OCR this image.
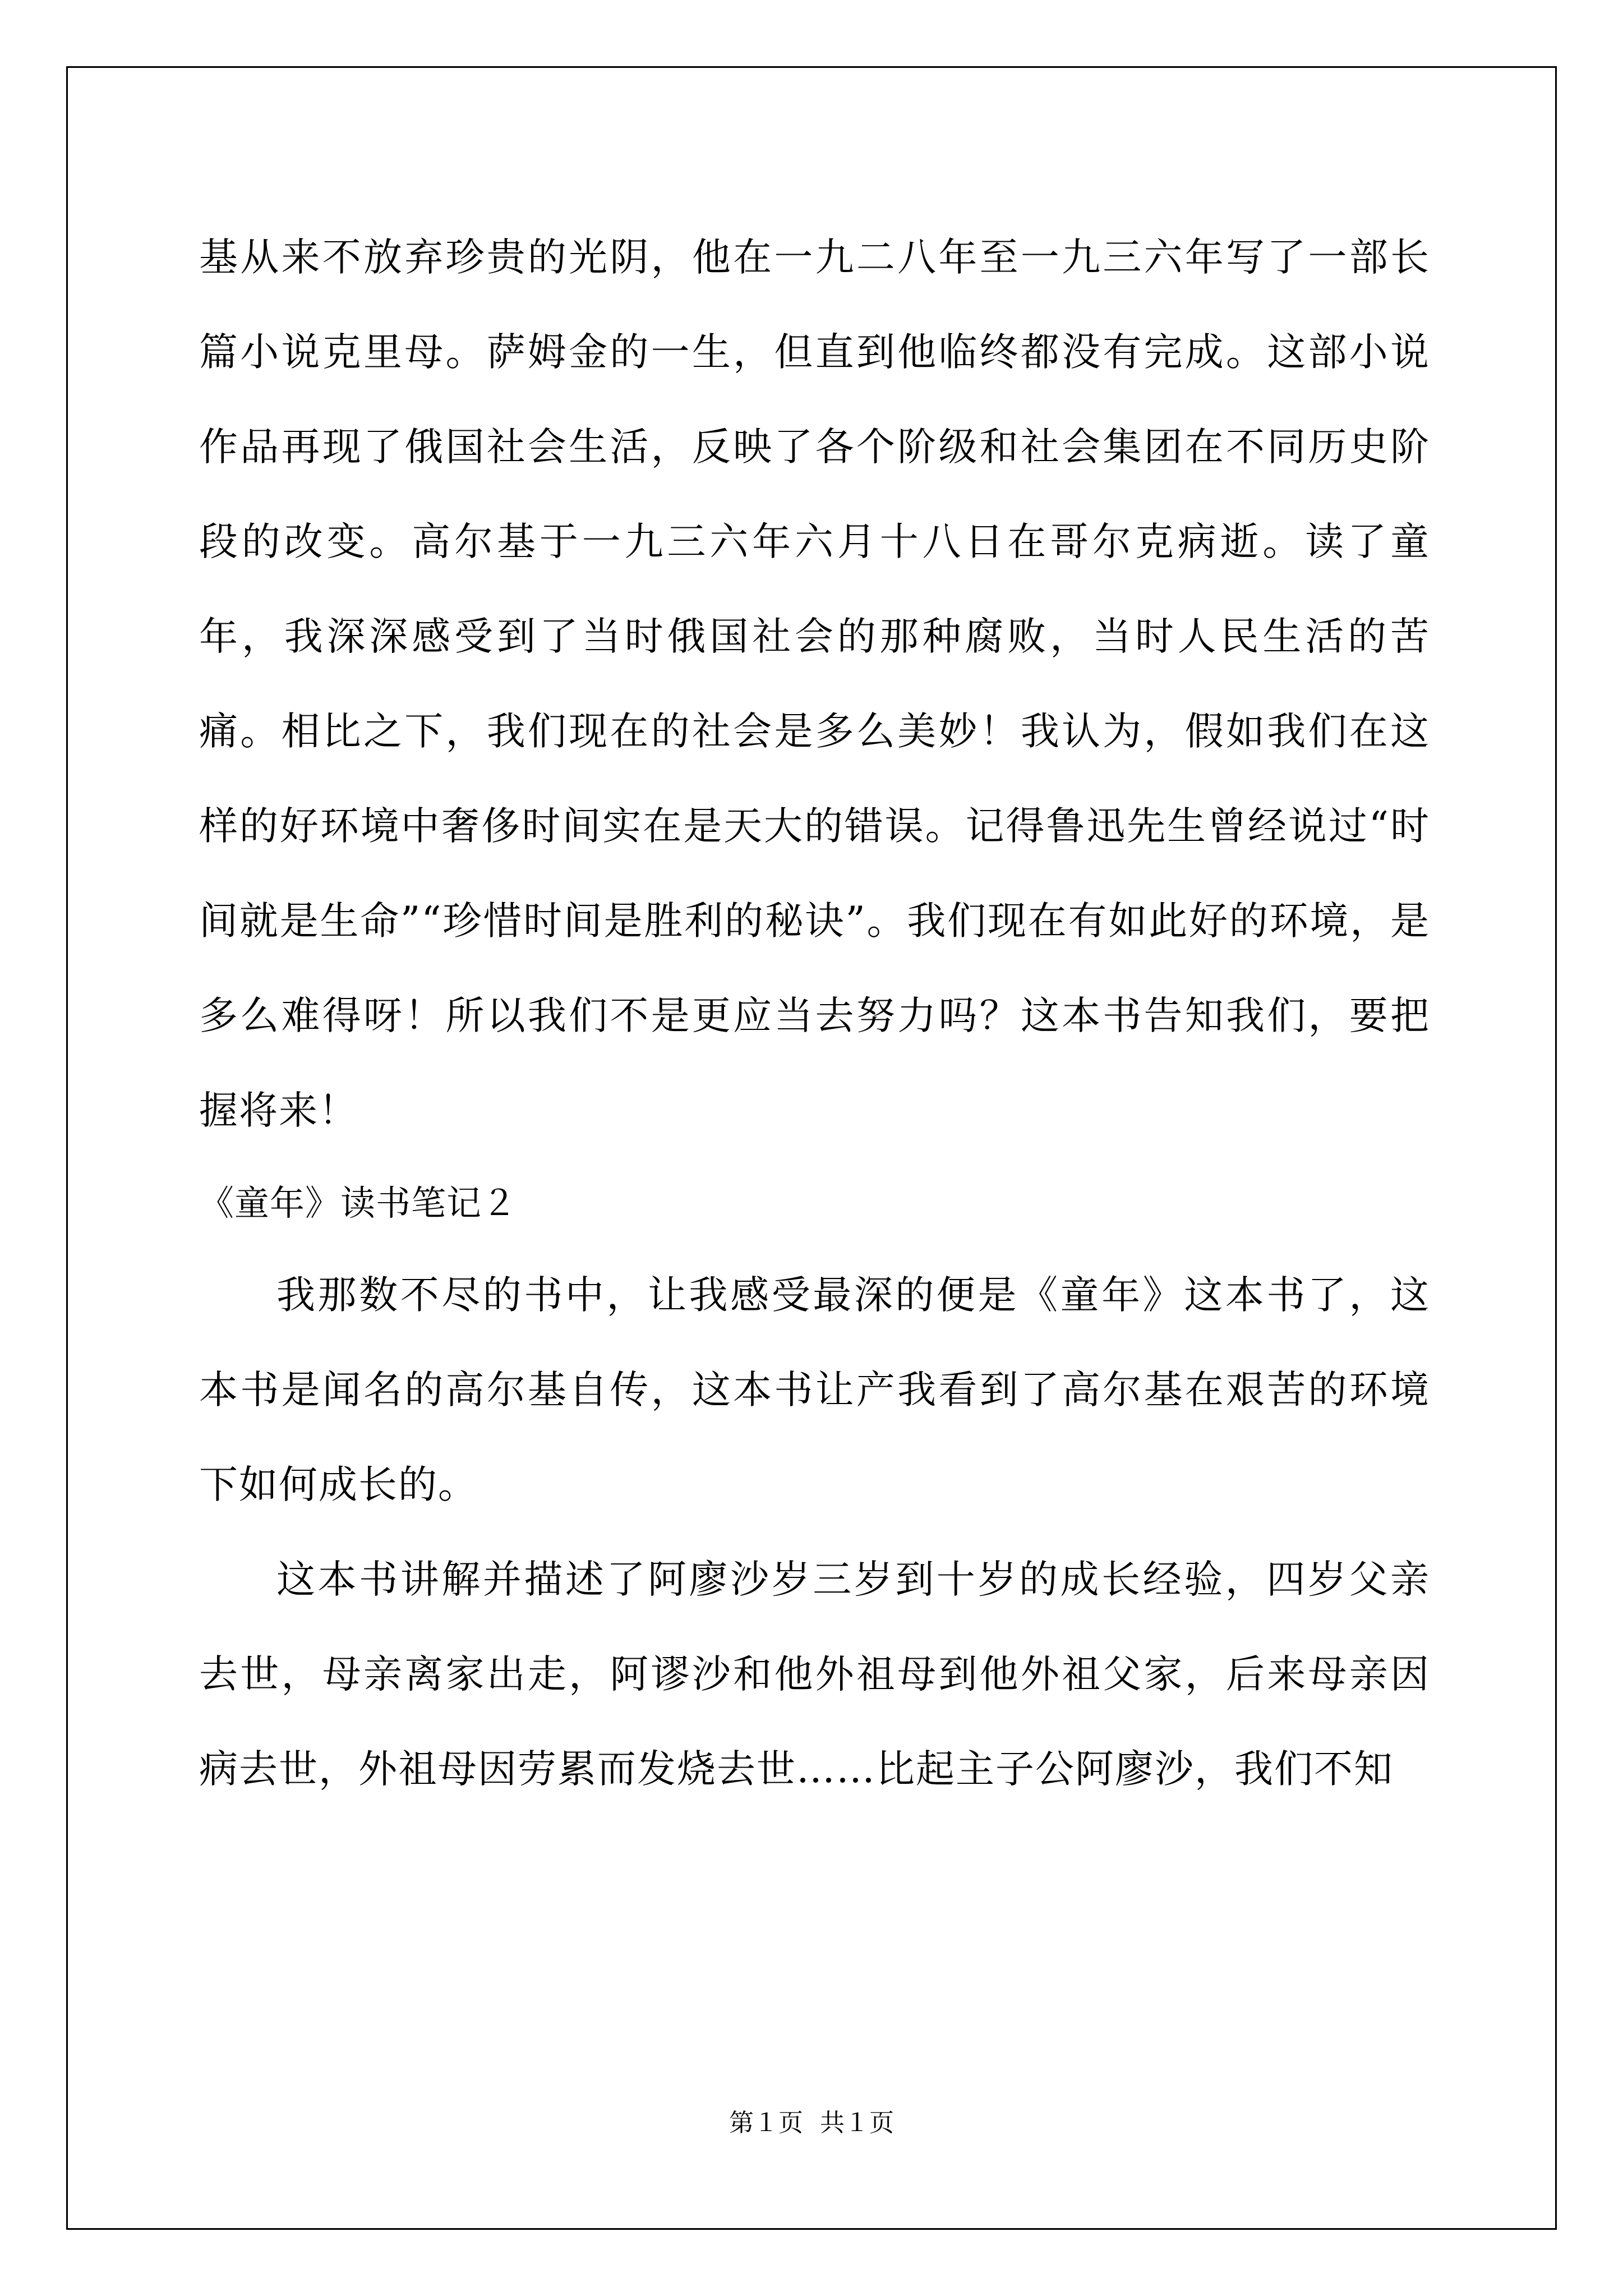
基从来不放弃珍贵的光阴，他在一九二八年至一九三六年写了一部长篇小说克里母。萨姆金的一生，但直到他临终都没有完成。这部小说作品再现了俄国社会生活，反映了各个阶级和社会集团在不同历史阶段的改变。高尔基于一九三六年六月十八日在哥尔克病逝。读了童年，我深深感受到了当时俄国社会的那种腐败，当时人民生活的苦痛。相比之下，我们现在的社会是多么美妙！我认为，假如我们在这样的好环境中奢侈时间实在是天大的错误。记得鲁迅先生曾经说过“时间就是生命”“珍惜时间是胜利的秘诀”。我们现在有如此好的环境，是多么难得呀！所以我们不是更应当去努力吗？这本书告知我们，要把握将来！

《童年》读书笔记２

我那数不尽的书中，让我感受最深的便是《童年》这本书了，这本书是闻名的高尔基自传，这本书让产我看到了高尔基在艰苦的环境下如何成长的。

这本书讲解并描述了阿廖沙岁三岁到十岁的成长经验，四岁父亲去世，母亲离家出走，阿谬沙和他外祖母到他外祖父家，后来母亲因病去世，外祖母因劳累而发烧去世……比起主子公阿廖沙，我们不知

第１页 共１页
